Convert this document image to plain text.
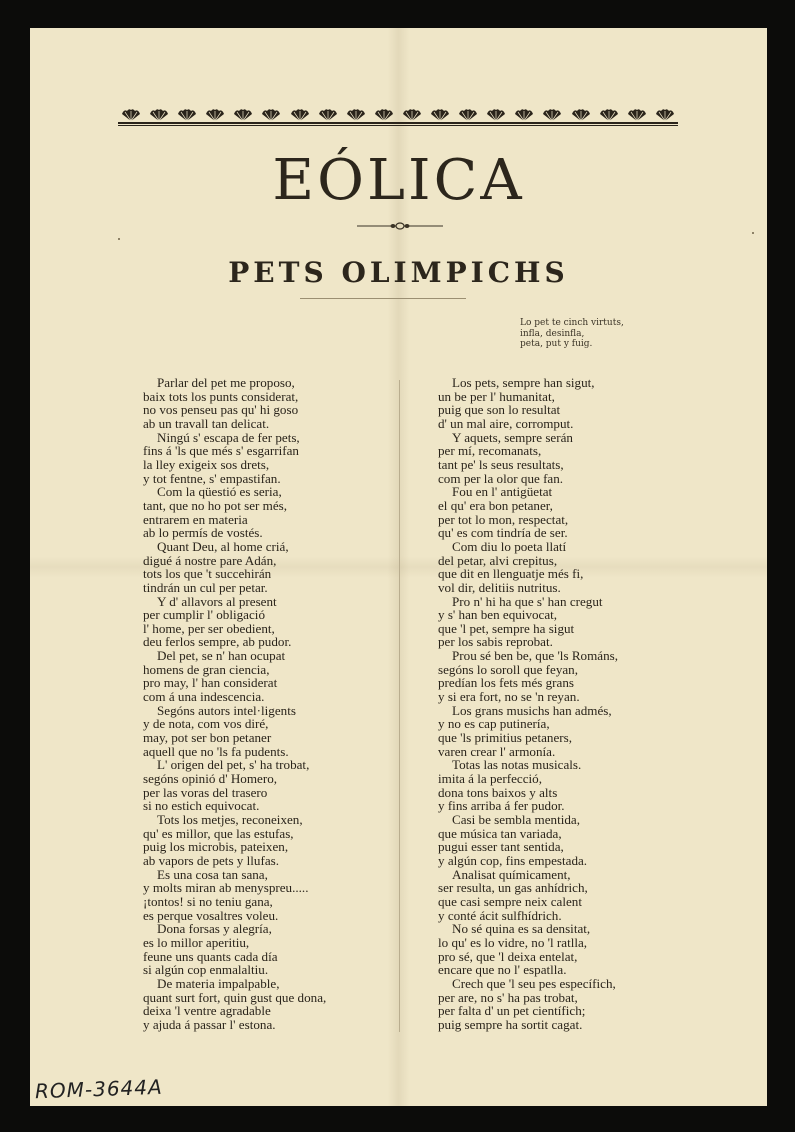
EÓLICA
PETS OLIMPICHS
Lo pet te cinch virtuts,
infla, desinfla,
peta, put y fuig.
Parlar del pet me proposo,
baix tots los punts considerat,
no vos penseu pas qu' hi goso
ab un travall tan delicat.
Ningú s' escapa de fer pets,
fins á 'ls que més s' esgarrifan
la lley exigeix sos drets,
y tot fentne, s' empastifan.
Com la qüestió es seria,
tant, que no ho pot ser més,
entrarem en materia
ab lo permís de vostés.
Quant Deu, al home criá,
digué á nostre pare Adán,
tots los que 't succehirán
tindrán un cul per petar.
Y d' allavors al present
per cumplir l' obligació
l' home, per ser obedient,
deu ferlos sempre, ab pudor.
Del pet, se n' han ocupat
homens de gran ciencia,
pro may, l' han considerat
com á una indescencia.
Segóns autors intel·ligents
y de nota, com vos diré,
may, pot ser bon petaner
aquell que no 'ls fa pudents.
L' origen del pet, s' ha trobat,
segóns opinió d' Homero,
per las voras del trasero
si no estich equivocat.
Tots los metjes, reconeixen,
qu' es millor, que las estufas,
puig los microbis, pateixen,
ab vapors de pets y llufas.
Es una cosa tan sana,
y molts miran ab menyspreu.....
¡tontos! si no teniu gana,
es perque vosaltres voleu.
Dona forsas y alegría,
es lo millor aperitiu,
feune uns quants cada día
si algún cop enmalaltiu.
De materia impalpable,
quant surt fort, quin gust que dona,
deixa 'l ventre agradable
y ajuda á passar l' estona.
Los pets, sempre han sigut,
un be per l' humanitat,
puig que son lo resultat
d' un mal aire, corromput.
Y aquets, sempre serán
per mí, recomanats,
tant pe' ls seus resultats,
com per la olor que fan.
Fou en l' antigüetat
el qu' era bon petaner,
per tot lo mon, respectat,
qu' es com tindría de ser.
Com diu lo poeta llatí
del petar, alvi crepitus,
que dit en llenguatje més fi,
vol dir, delitiis nutritus.
Pro n' hi ha que s' han cregut
y s' han ben equivocat,
que 'l pet, sempre ha sigut
per los sabis reprobat.
Prou sé ben be, que 'ls Románs,
segóns lo soroll que feyan,
predían los fets més grans
y si era fort, no se 'n reyan.
Los grans musichs han admés,
y no es cap putinería,
que 'ls primitius petaners,
varen crear l' armonía.
Totas las notas musicals.
imita á la perfecció,
dona tons baixos y alts
y fins arriba á fer pudor.
Casi be sembla mentida,
que música tan variada,
pugui esser tant sentida,
y algún cop, fins empestada.
Analisat químicament,
ser resulta, un gas anhídrich,
que casi sempre neix calent
y conté ácit sulfhídrich.
No sé quina es sa densitat,
lo qu' es lo vidre, no 'l ratlla,
pro sé, que 'l deixa entelat,
encare que no l' espatlla.
Crech que 'l seu pes específich,
per are, no s' ha pas trobat,
per falta d' un pet científich;
puig sempre ha sortit cagat.
ROM-3644A
